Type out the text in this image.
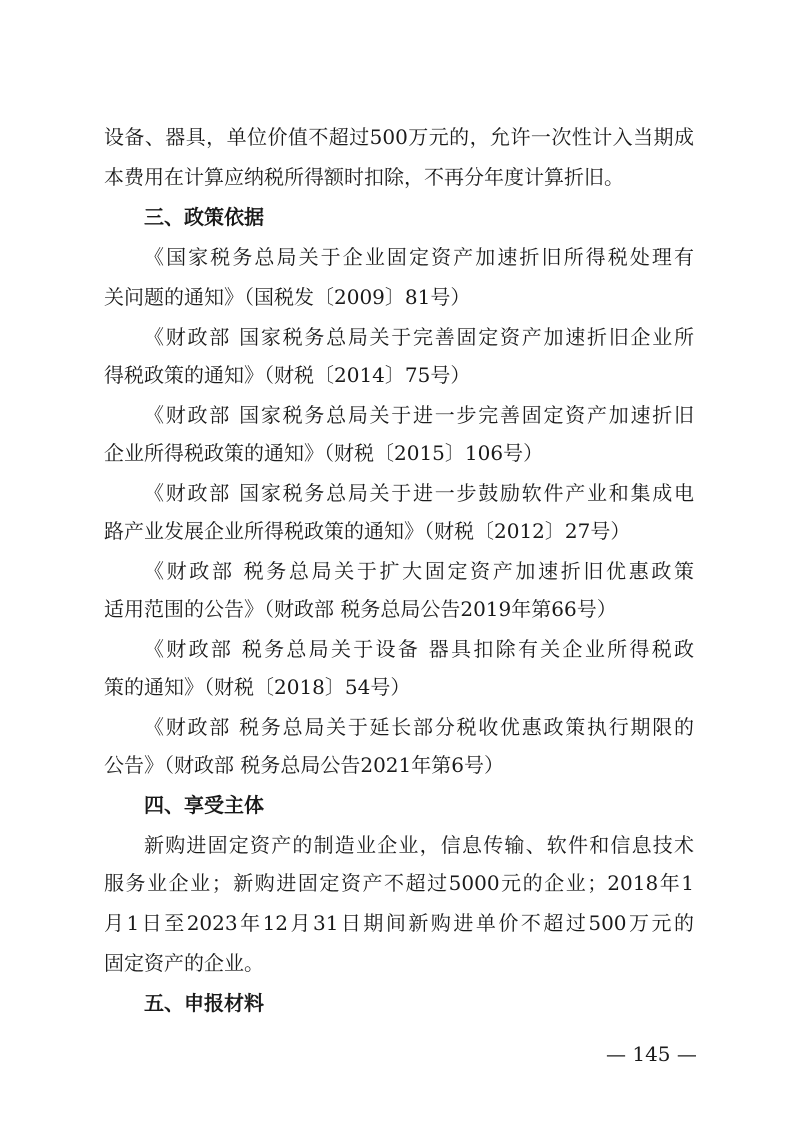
设备、器具，单位价值不超过500万元的，允许一次性计入当期成
本费用在计算应纳税所得额时扣除，不再分年度计算折旧。
三、政策依据
《国家税务总局关于企业固定资产加速折旧所得税处理有
关问题的通知》（国税发〔2009〕81号）
《财政部 国家税务总局关于完善固定资产加速折旧企业所
得税政策的通知》（财税〔2014〕75号）
《财政部 国家税务总局关于进一步完善固定资产加速折旧
企业所得税政策的通知》（财税〔2015〕106号）
《财政部 国家税务总局关于进一步鼓励软件产业和集成电
路产业发展企业所得税政策的通知》（财税〔2012〕27号）
《财政部 税务总局关于扩大固定资产加速折旧优惠政策
适用范围的公告》（财政部 税务总局公告2019年第66号）
《财政部 税务总局关于设备 器具扣除有关企业所得税政
策的通知》（财税〔2018〕54号）
《财政部 税务总局关于延长部分税收优惠政策执行期限的
公告》（财政部 税务总局公告2021年第6号）
四、享受主体
新购进固定资产的制造业企业，信息传输、软件和信息技术
服务业企业；新购进固定资产不超过5000元的企业；2018年1
月1日至2023年12月31日期间新购进单价不超过500万元的
固定资产的企业。
五、申报材料
— 145 —
